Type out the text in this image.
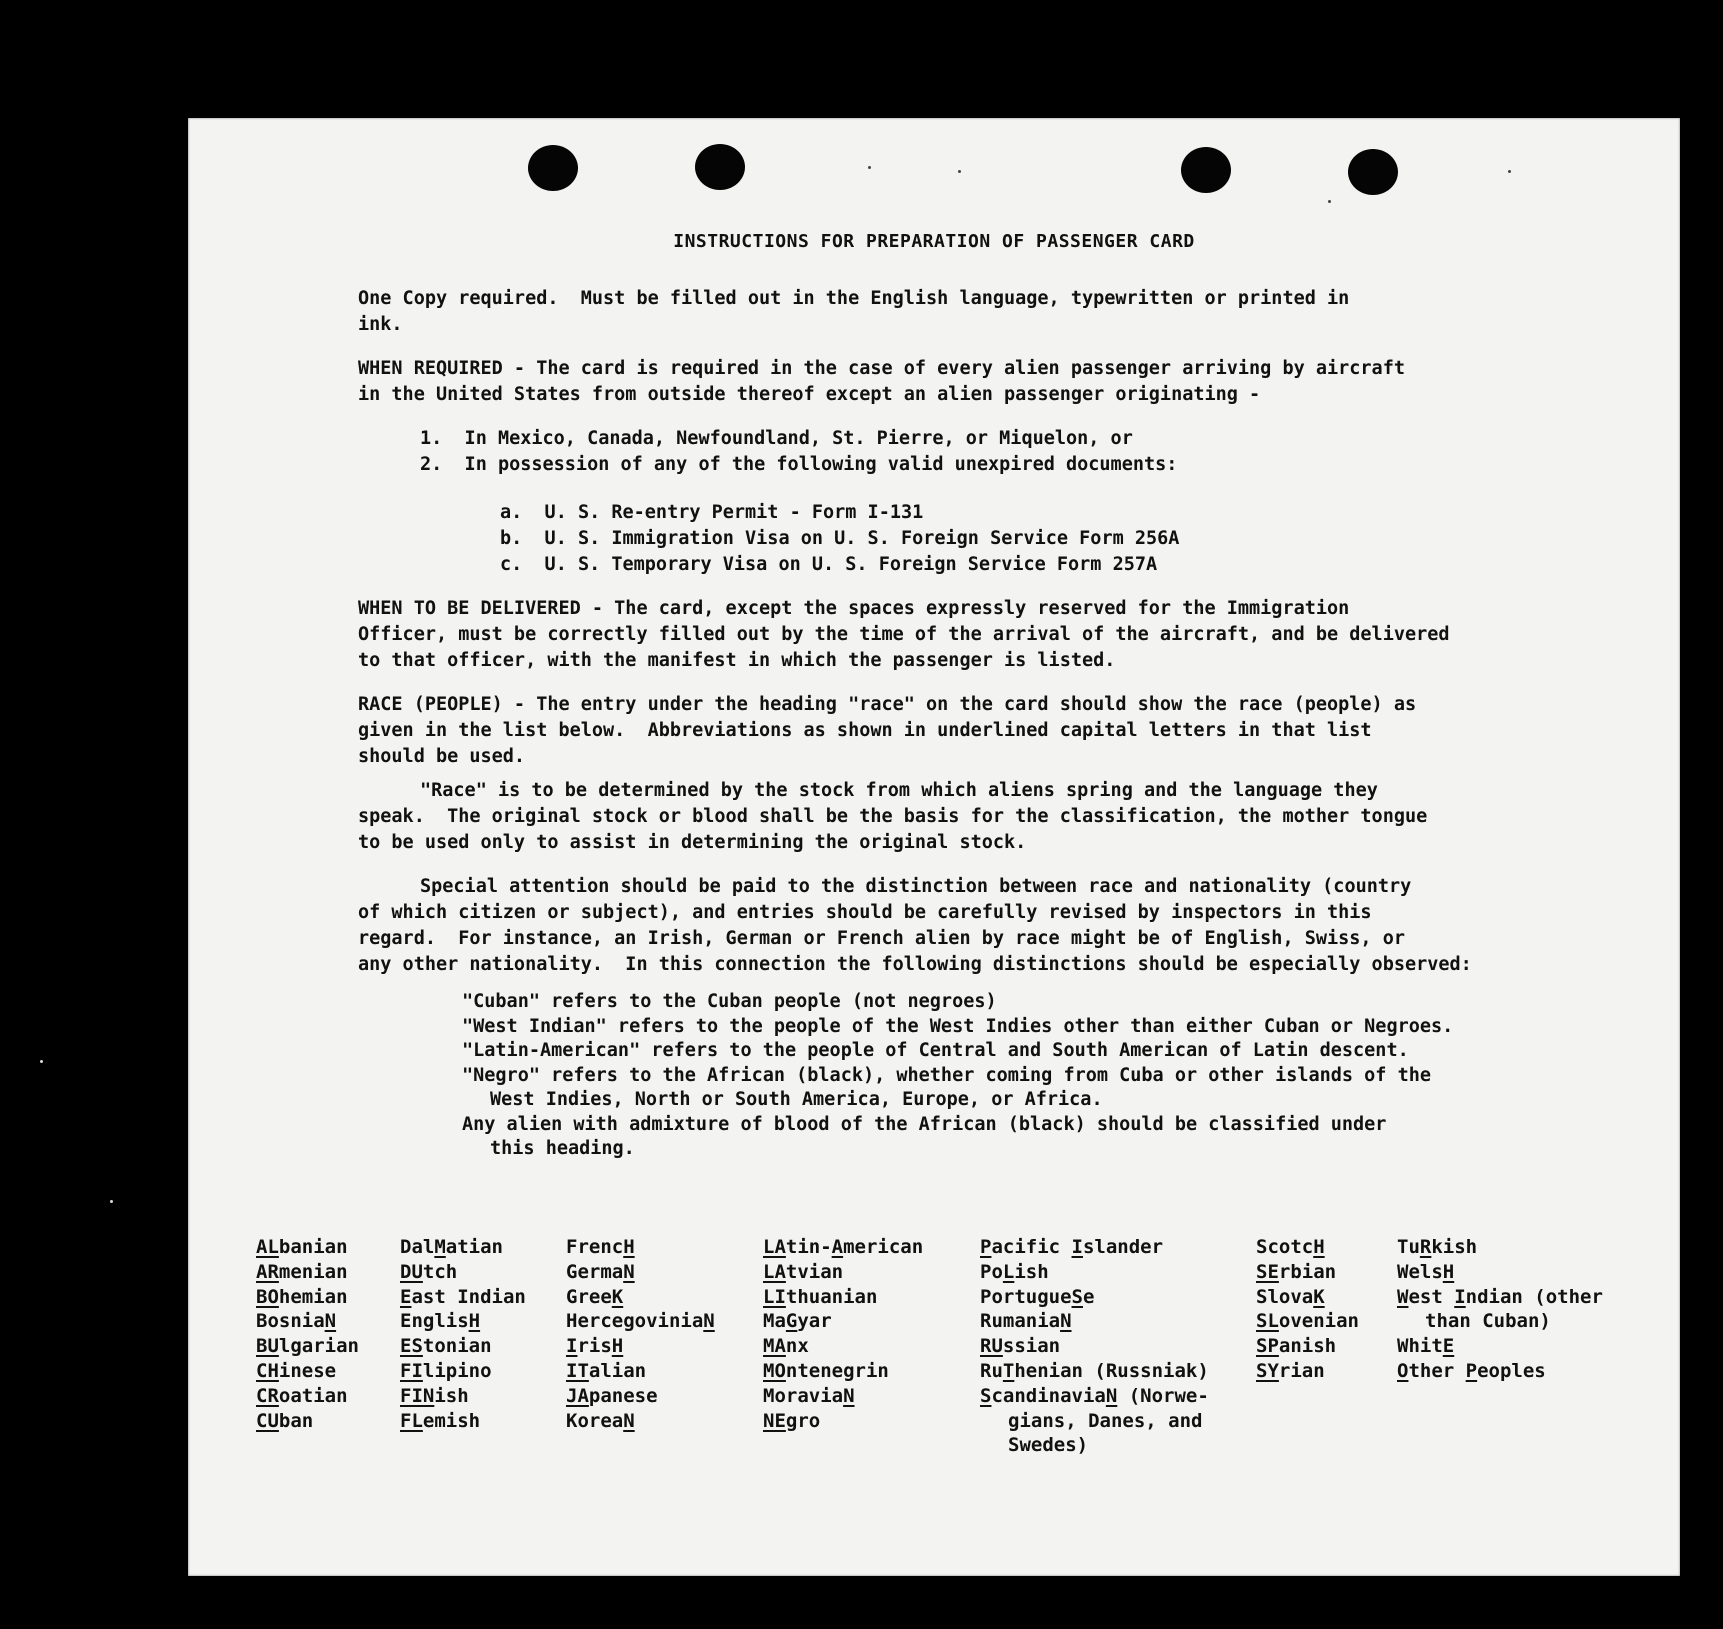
INSTRUCTIONS FOR PREPARATION OF PASSENGER CARD

One Copy required.  Must be filled out in the English language, typewritten or printed in
ink.

WHEN REQUIRED - The card is required in the case of every alien passenger arriving by aircraft
in the United States from outside thereof except an alien passenger originating -

1.  In Mexico, Canada, Newfoundland, St. Pierre, or Miquelon, or
2.  In possession of any of the following valid unexpired documents:
a.  U. S. Re-entry Permit - Form I-131
b.  U. S. Immigration Visa on U. S. Foreign Service Form 256A
c.  U. S. Temporary Visa on U. S. Foreign Service Form 257A

WHEN TO BE DELIVERED - The card, except the spaces expressly reserved for the Immigration
Officer, must be correctly filled out by the time of the arrival of the aircraft, and be delivered
to that officer, with the manifest in which the passenger is listed.

RACE (PEOPLE) - The entry under the heading "race" on the card should show the race (people) as
given in the list below.  Abbreviations as shown in underlined capital letters in that list
should be used.

"Race" is to be determined by the stock from which aliens spring and the language they
speak.  The original stock or blood shall be the basis for the classification, the mother tongue
to be used only to assist in determining the original stock.

Special attention should be paid to the distinction between race and nationality (country
of which citizen or subject), and entries should be carefully revised by inspectors in this
regard.  For instance, an Irish, German or French alien by race might be of English, Swiss, or
any other nationality.  In this connection the following distinctions should be especially observed:

"Cuban" refers to the Cuban people (not negroes)
"West Indian" refers to the people of the West Indies other than either Cuban or Negroes.
"Latin-American" refers to the people of Central and South American of Latin descent.
"Negro" refers to the African (black), whether coming from Cuba or other islands of the
West Indies, North or South America, Europe, or Africa.
Any alien with admixture of blood of the African (black) should be classified under
this heading.
ALbanian
ARmenian
BOhemian
BosniaN
BUlgarian
CHinese
CRoatian
CUban
DalMatian
DUtch
East Indian
EnglisH
EStonian
FIlipino
FINish
FLemish
FrencH
GermaN
GreeK
HercegoviniaN
IrisH
ITalian
JApanese
KoreaN
LAtin-American
LAtvian
LIthuanian
MaGyar
MAnx
MOntenegrin
MoraviaN
NEgro
Pacific Islander
PoLish
PortugueSe
RumaniaN
RUssian
RuThenian (Russniak)
ScandinaviaN (Norwe-
gians, Danes, and
Swedes)
ScotcH
SErbian
SlovaK
SLovenian
SPanish
SYrian
TuRkish
WelsH
West Indian (other
than Cuban)
WhitE
Other Peoples
